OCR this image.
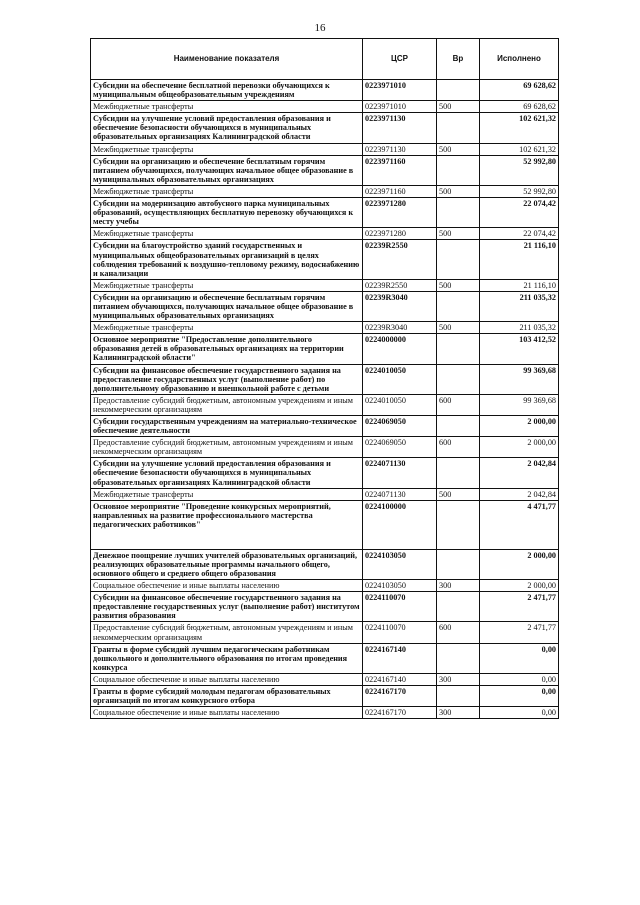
16
Наименование показателя	ЦСР	Вр	Исполнено
Субсидии на обеспечение бесплатной перевозки обучающихся к муниципальным общеобразовательным учреждениям	0223971010		69 628,62
Межбюджетные трансферты	0223971010	500	69 628,62
Субсидии на улучшение условий предоставления образования и обеспечение безопасности обучающихся в муниципальных образовательных организациях Калининградской области	0223971130		102 621,32
Межбюджетные трансферты	0223971130	500	102 621,32
Субсидии на организацию и обеспечение бесплатным горячим питанием обучающихся, получающих начальное общее образование в муниципальных образовательных организациях	0223971160		52 992,80
Межбюджетные трансферты	0223971160	500	52 992,80
Субсидии на модернизацию автобусного парка муниципальных образований, осуществляющих бесплатную перевозку обучающихся к месту учебы	0223971280		22 074,42
Межбюджетные трансферты	0223971280	500	22 074,42
Субсидии на благоустройство зданий государственных и муниципальных общеобразовательных организаций в целях соблюдения требований к воздушно-тепловому режиму, водоснабжению и канализации	02239R2550		21 116,10
Межбюджетные трансферты	02239R2550	500	21 116,10
Субсидии на организацию и обеспечение бесплатным горячим питанием обучающихся, получающих начальное общее образование в муниципальных образовательных организациях	02239R3040		211 035,32
Межбюджетные трансферты	02239R3040	500	211 035,32
Основное мероприятие "Предоставление дополнительного образования детей в образовательных организациях на территории Калининградской области"	0224000000		103 412,52
Субсидии на финансовое обеспечение государственного задания на предоставление государственных услуг (выполнение работ) по дополнительному образованию и внешкольной работе с детьми	0224010050		99 369,68
Предоставление субсидий бюджетным, автономным учреждениям и иным некоммерческим организациям	0224010050	600	99 369,68
Субсидии государственным учреждениям на материально-техническое обеспечение деятельности	0224069050		2 000,00
Предоставление субсидий бюджетным, автономным учреждениям и иным некоммерческим организациям	0224069050	600	2 000,00
Субсидии на улучшение условий предоставления образования и обеспечение безопасности обучающихся в муниципальных образовательных организациях Калининградской области	0224071130		2 042,84
Межбюджетные трансферты	0224071130	500	2 042,84
Основное мероприятие "Проведение конкурсных мероприятий, направленных на развитие профессионального мастерства педагогических работников"	0224100000		4 471,77
Денежное поощрение лучших учителей образовательных организаций, реализующих образовательные программы начального общего, основного общего и среднего общего образования	0224103050		2 000,00
Социальное обеспечение и иные выплаты населению	0224103050	300	2 000,00
Субсидии на финансовое обеспечение государственного задания на предоставление государственных услуг (выполнение работ) институтом развития образования	0224110070		2 471,77
Предоставление субсидий бюджетным, автономным учреждениям и иным некоммерческим организациям	0224110070	600	2 471,77
Гранты в форме субсидий лучшим педагогическим работникам дошкольного и дополнительного образования по итогам проведения конкурса	0224167140		0,00
Социальное обеспечение и иные выплаты населению	0224167140	300	0,00
Гранты в форме субсидий молодым педагогам образовательных организаций по итогам конкурсного отбора	0224167170		0,00
Социальное обеспечение и иные выплаты населению	0224167170	300	0,00
